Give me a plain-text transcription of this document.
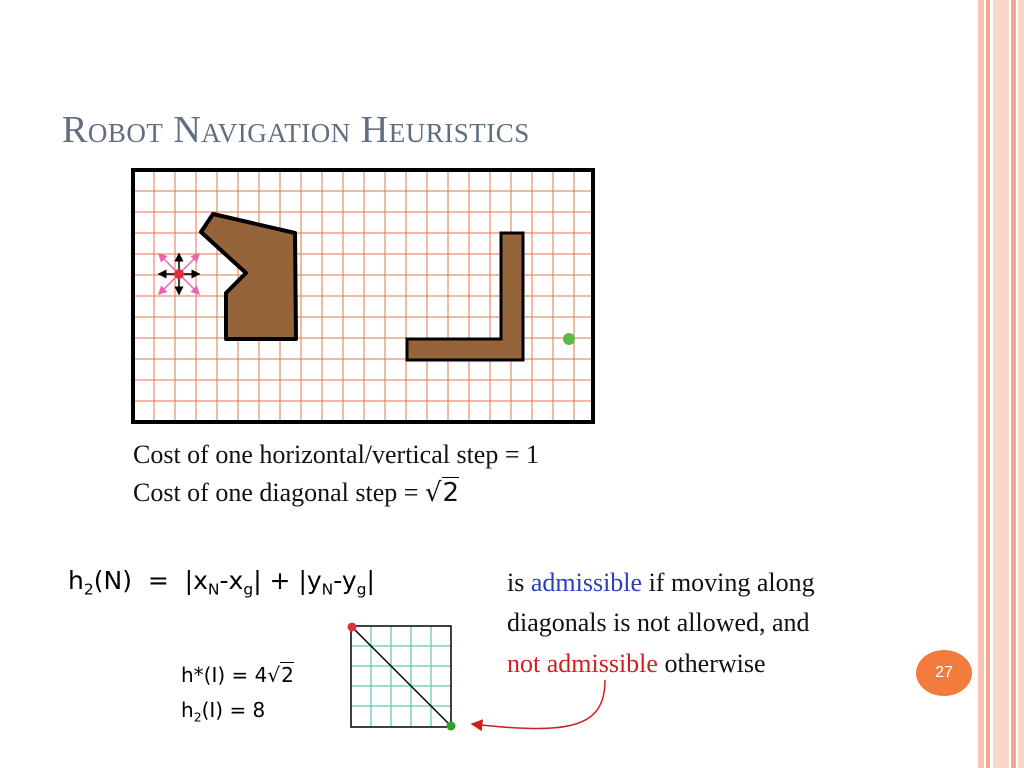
Robot Navigation Heuristics
Cost of one horizontal/vertical step = 1
Cost of one diagonal step = √2
$h_2(N) = |x_N-x_g| + |y_N-y_g|$	is admissible if moving along
diagonals is not allowed, and
not admissible otherwise
h*(I) = 4√2
$h_2(I) = 8$
27
